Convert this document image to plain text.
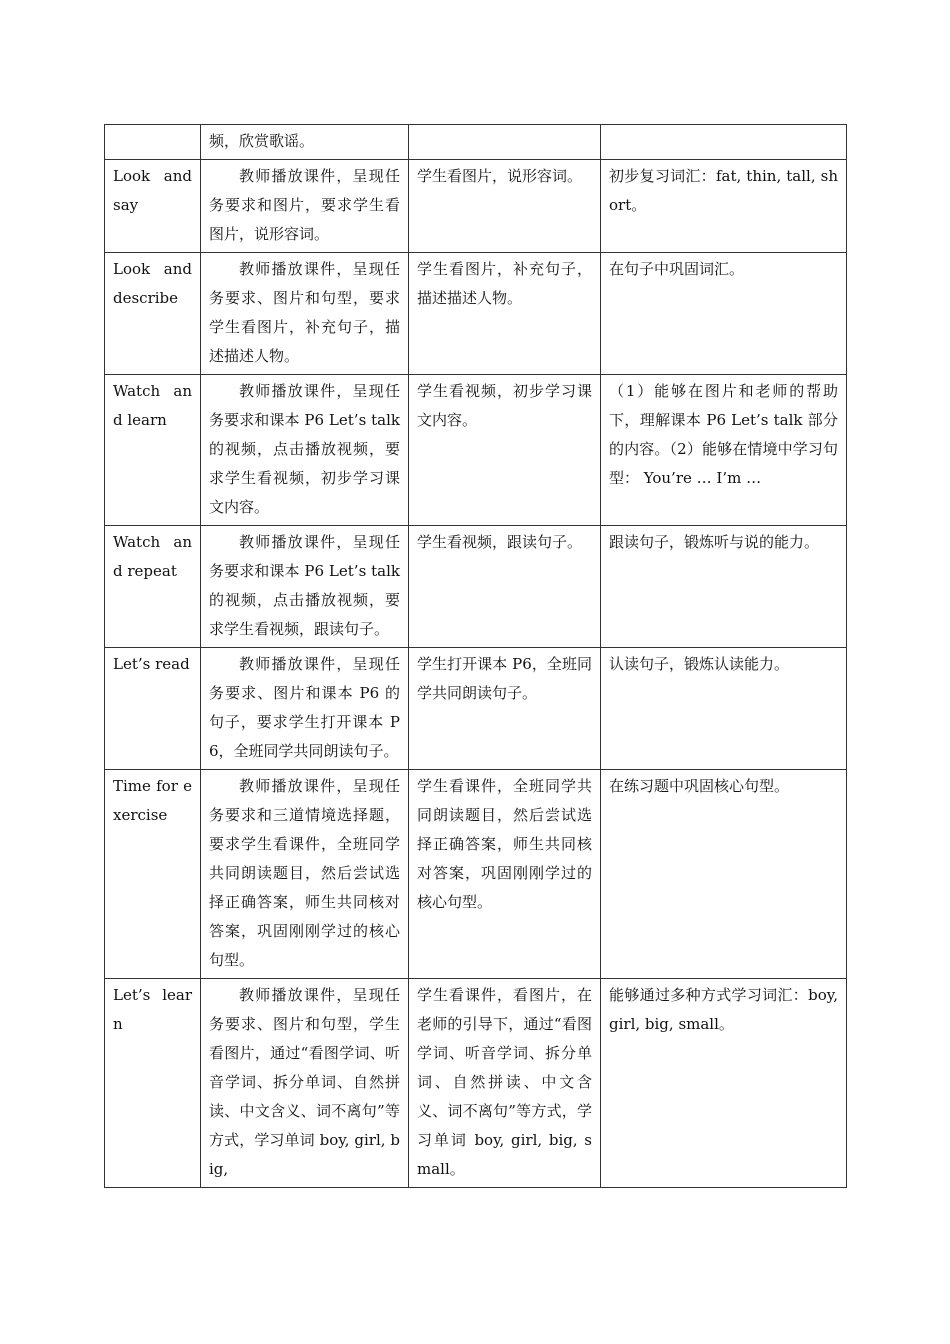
	频，欣赏歌谣。		
Look and say	教师播放课件，呈现任务要求和图片，要求学生看图片，说形容词。	学生看图片，说形容词。	初步复习词汇：fat, thin, tall, short。
Look and describe	教师播放课件，呈现任务要求、图片和句型，要求学生看图片，补充句子，描述描述人物。	学生看图片，补充句子，描述描述人物。	在句子中巩固词汇。
Watch and learn	教师播放课件，呈现任务要求和课本 P6 Let’s talk 的视频，点击播放视频，要求学生看视频，初步学习课文内容。	学生看视频，初步学习课文内容。	（1）能够在图片和老师的帮助下，理解课本 P6 Let’s talk 部分的内容。（2）能够在情境中学习句型： You’re … I’m …
Watch and repeat	教师播放课件，呈现任务要求和课本 P6 Let’s talk 的视频，点击播放视频，要求学生看视频，跟读句子。	学生看视频，跟读句子。	跟读句子，锻炼听与说的能力。
Let’s read	教师播放课件，呈现任务要求、图片和课本 P6 的句子，要求学生打开课本 P6，全班同学共同朗读句子。	学生打开课本 P6，全班同学共同朗读句子。	认读句子，锻炼认读能力。
Time for exercise	教师播放课件，呈现任务要求和三道情境选择题，要求学生看课件，全班同学共同朗读题目，然后尝试选择正确答案，师生共同核对答案，巩固刚刚学过的核心句型。	学生看课件，全班同学共同朗读题目，然后尝试选择正确答案，师生共同核对答案，巩固刚刚学过的核心句型。	在练习题中巩固核心句型。
Let’s learn	教师播放课件，呈现任务要求、图片和句型，学生看图片，通过“看图学词、听音学词、拆分单词、自然拼读、中文含义、词不离句”等方式，学习单词 boy, girl, big,	学生看课件，看图片，在老师的引导下，通过“看图学词、听音学词、拆分单词、自然拼读、中文含义、词不离句”等方式，学习单词 boy, girl, big, small。	能够通过多种方式学习词汇：boy, girl, big, small。
